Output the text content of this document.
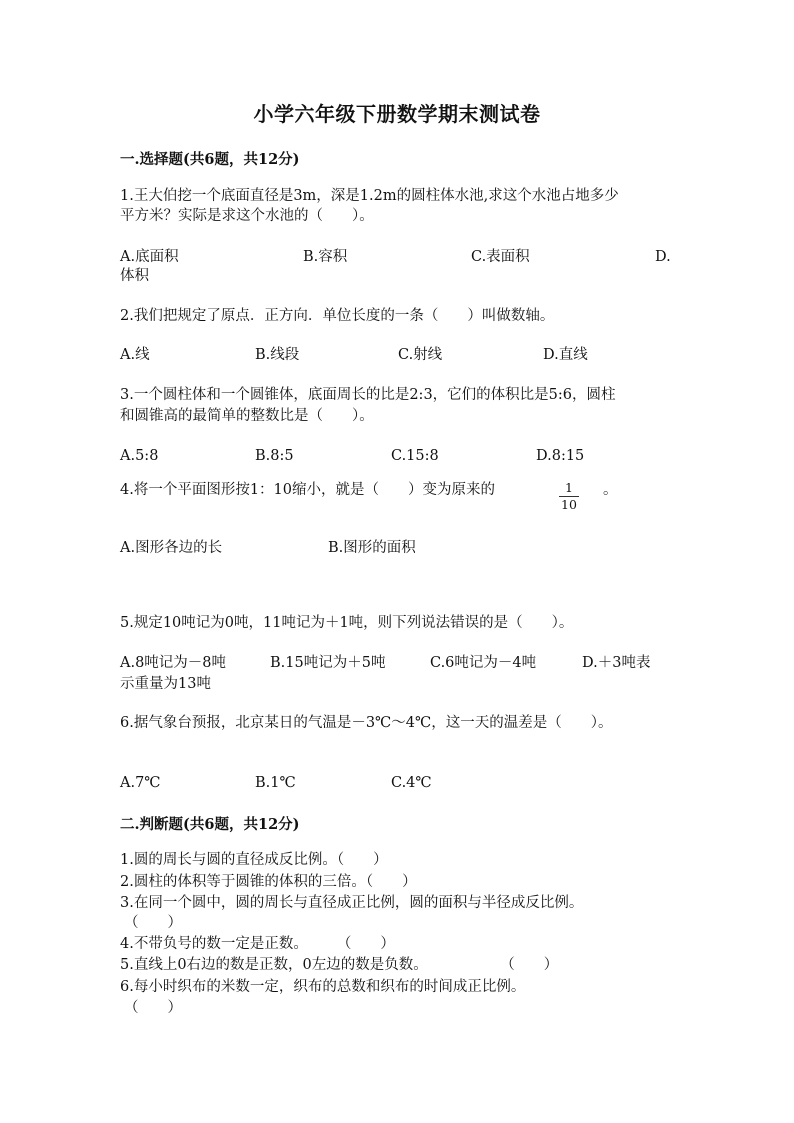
小学六年级下册数学期末测试卷
一.选择题(共6题，共12分)
1.王大伯挖一个底面直径是3m，深是1.2m的圆柱体水池,求这个水池占地多少
平方米？实际是求这个水池的（　　）。
A.底面积	B.容积	C.表面积	D.
体积
2.我们把规定了原点．正方向．单位长度的一条（　　）叫做数轴。
A.线	B.线段	C.射线	D.直线
3.一个圆柱体和一个圆锥体，底面周长的比是2:3，它们的体积比是5:6，圆柱
和圆锥高的最简单的整数比是（　　）。
A.5:8	B.8:5	C.15:8	D.8:15
4.将一个平面图形按1：10缩小，就是（　　）变为原来的	1
10
。
A.图形各边的长	B.图形的面积
5.规定10吨记为0吨，11吨记为＋1吨，则下列说法错误的是（　　）。
A.8吨记为－8吨	B.15吨记为＋5吨	C.6吨记为－4吨	D.＋3吨表
示重量为13吨
6.据气象台预报，北京某日的气温是－3℃～4℃，这一天的温差是（　　）。
A.7℃	B.1℃	C.4℃
二.判断题(共6题，共12分)
1.圆的周长与圆的直径成反比例。（　　）
2.圆柱的体积等于圆锥的体积的三倍。（　　）
3.在同一个圆中，圆的周长与直径成正比例，圆的面积与半径成反比例。
（　　）
4.不带负号的数一定是正数。　　　（　　）
5.直线上0右边的数是正数，0左边的数是负数。　　　　　　（　　）
6.每小时织布的米数一定，织布的总数和织布的时间成正比例。
（　　）
